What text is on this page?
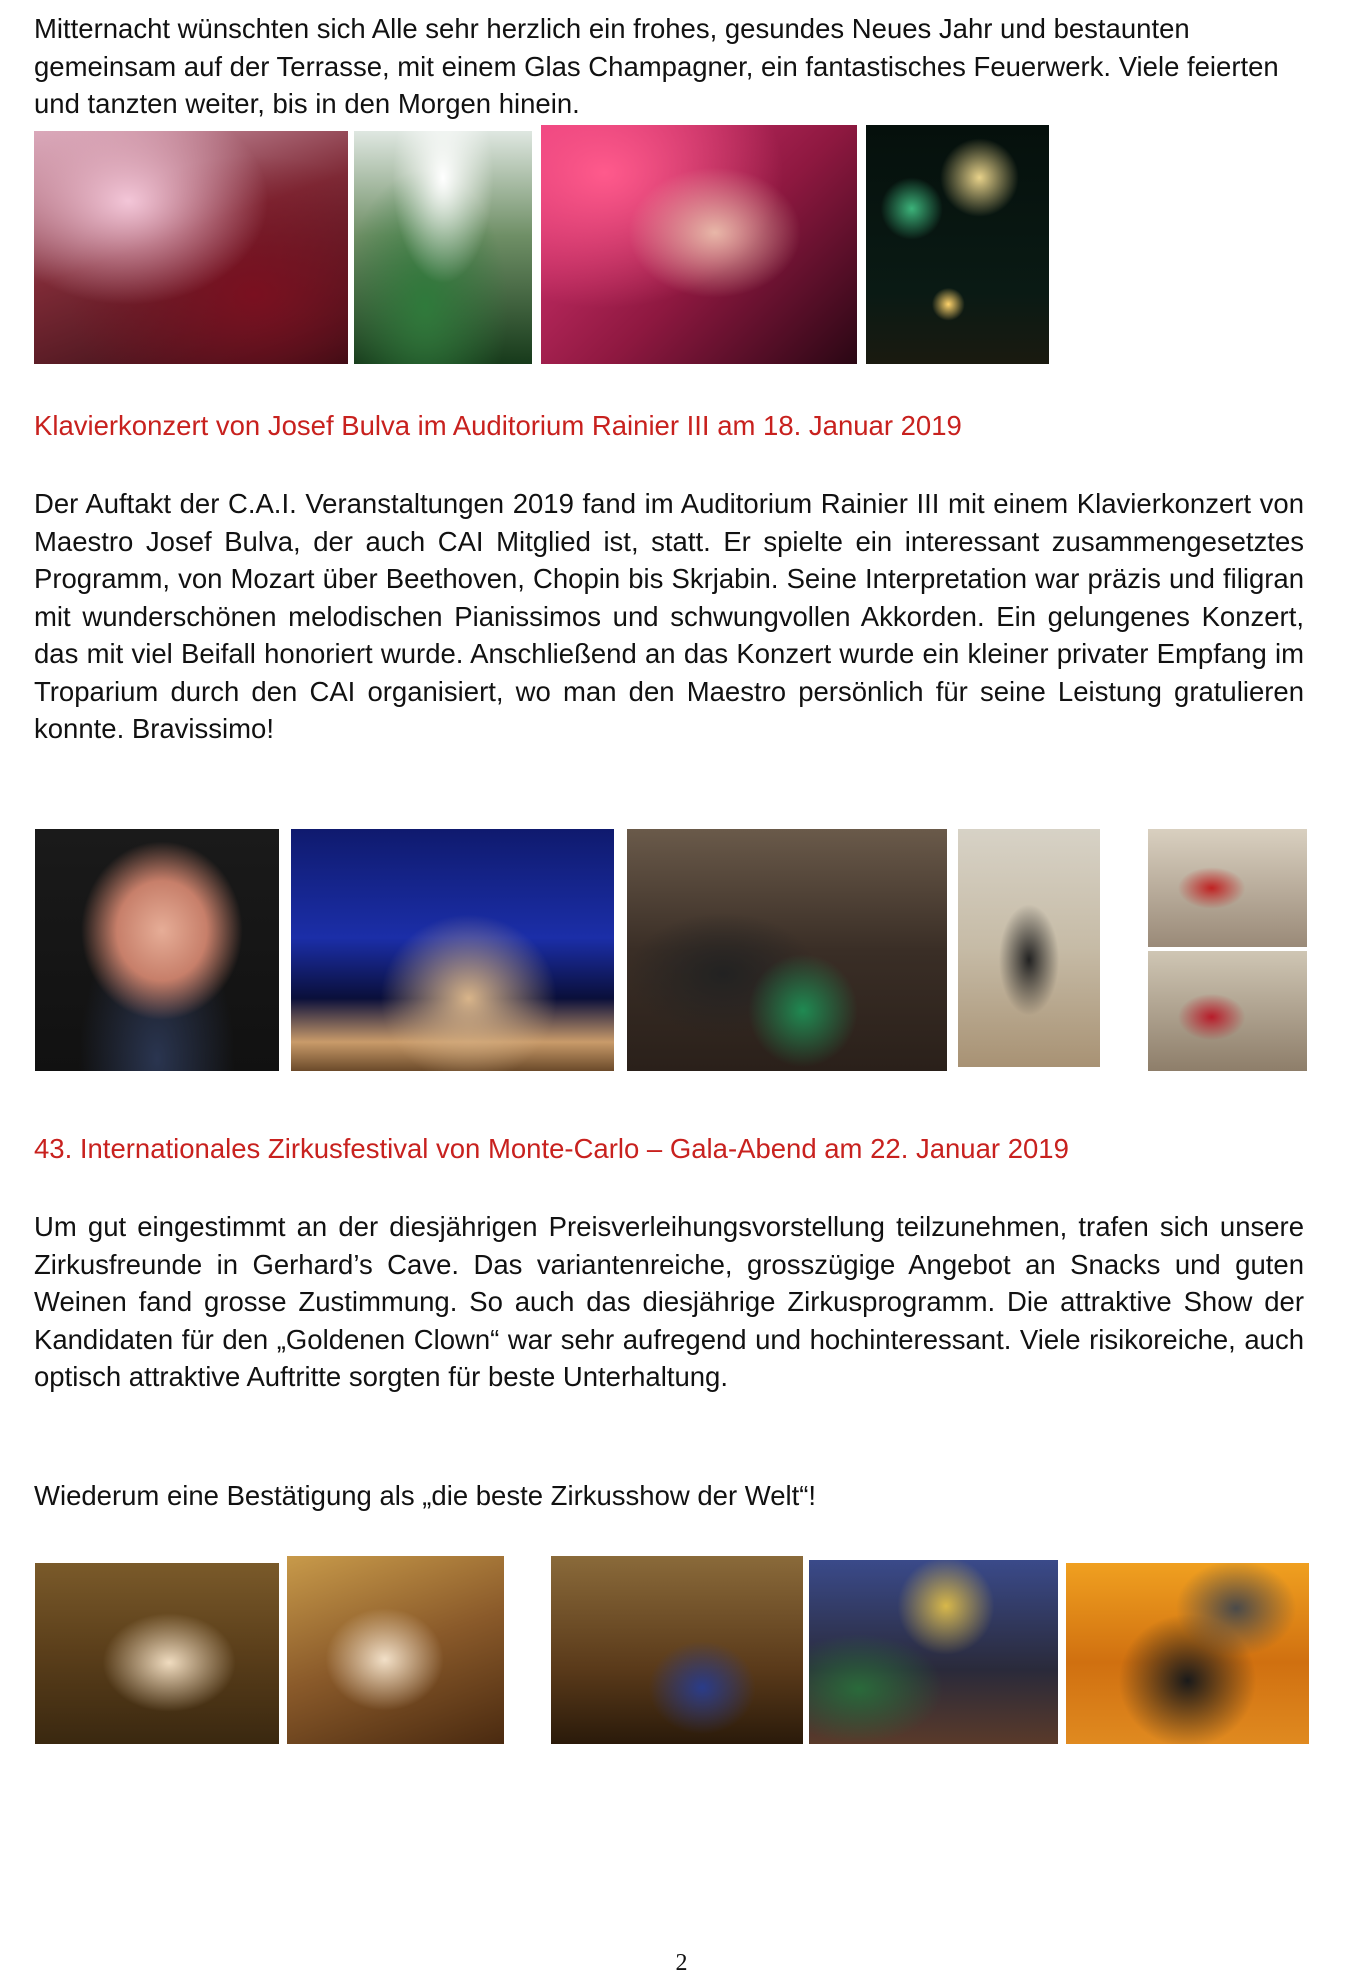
Mitternacht wünschten sich Alle sehr herzlich ein frohes, gesundes Neues Jahr und bestaunten gemeinsam auf der Terrasse, mit einem Glas Champagner, ein fantastisches Feuerwerk. Viele feierten und tanzten weiter, bis in den Morgen hinein.

Klavierkonzert von Josef Bulva im Auditorium Rainier III am 18. Januar 2019

Der Auftakt der C.A.I. Veranstaltungen 2019 fand im Auditorium Rainier III mit einem Klavierkonzert von Maestro Josef Bulva, der auch CAI Mitglied ist, statt. Er spielte ein interessant zusammengesetztes Programm, von Mozart über Beethoven, Chopin bis Skrjabin. Seine Interpretation war präzis und filigran mit wunderschönen melodischen Pianissimos und schwungvollen Akkorden. Ein gelungenes Konzert, das mit viel Beifall honoriert wurde. Anschließend an das Konzert wurde ein kleiner privater Empfang im Troparium durch den CAI organisiert, wo man den Maestro persönlich für seine Leistung gratulieren konnte. Bravissimo!

43. Internationales Zirkusfestival von Monte-Carlo – Gala-Abend am 22. Januar 2019

Um gut eingestimmt an der diesjährigen Preisverleihungsvorstellung teilzunehmen, trafen sich unsere Zirkusfreunde in Gerhard’s Cave. Das variantenreiche, grosszügige Angebot an Snacks und guten Weinen fand grosse Zustimmung. So auch das diesjährige Zirkusprogramm. Die attraktive Show der Kandidaten für den „Goldenen Clown“ war sehr aufregend und hochinteressant. Viele risikoreiche, auch optisch attraktive Auftritte sorgten für beste Unterhaltung.

Wiederum eine Bestätigung als „die beste Zirkusshow der Welt“!

2
